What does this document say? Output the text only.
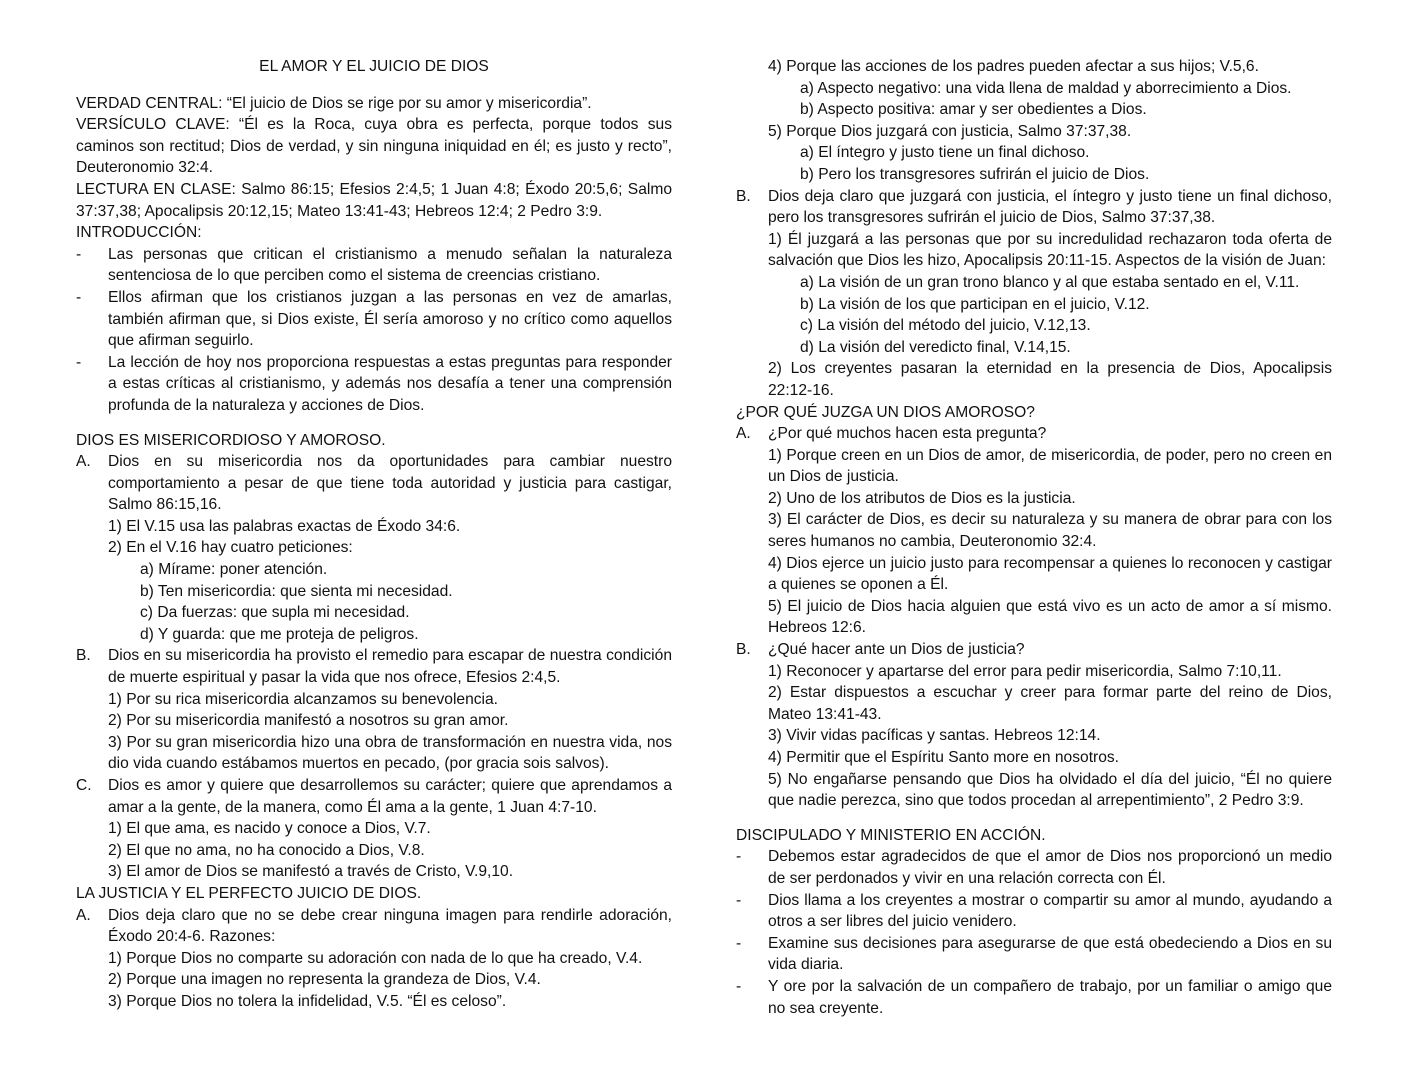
EL AMOR Y EL JUICIO DE DIOS

VERDAD CENTRAL: “El juicio de Dios se rige por su amor y misericordia”.

VERSÍCULO CLAVE: “Él es la Roca, cuya obra es perfecta, porque todos sus caminos son rectitud; Dios de verdad, y sin ninguna iniquidad en él; es justo y recto”, Deuteronomio 32:4.

LECTURA EN CLASE: Salmo 86:15; Efesios 2:4,5; 1 Juan 4:8; Éxodo 20:5,6; Salmo 37:37,38; Apocalipsis 20:12,15; Mateo 13:41-43; Hebreos 12:4; 2 Pedro 3:9.

INTRODUCCIÓN:

- Las personas que critican el cristianismo a menudo señalan la naturaleza sentenciosa de lo que perciben como el sistema de creencias cristiano.
- Ellos afirman que los cristianos juzgan a las personas en vez de amarlas, también afirman que, si Dios existe, Él sería amoroso y no crítico como aquellos que afirman seguirlo.
- La lección de hoy nos proporciona respuestas a estas preguntas para responder a estas críticas al cristianismo, y además nos desafía a tener una comprensión profunda de la naturaleza y acciones de Dios.

DIOS ES MISERICORDIOSO Y AMOROSO.

A. Dios en su misericordia nos da oportunidades para cambiar nuestro comportamiento a pesar de que tiene toda autoridad y justicia para castigar, Salmo 86:15,16.

1) El V.15 usa las palabras exactas de Éxodo 34:6.

2) En el V.16 hay cuatro peticiones:

a) Mírame: poner atención.

b) Ten misericordia: que sienta mi necesidad.

c) Da fuerzas: que supla mi necesidad.

d) Y guarda: que me proteja de peligros.

B. Dios en su misericordia ha provisto el remedio para escapar de nuestra condición de muerte espiritual y pasar la vida que nos ofrece, Efesios 2:4,5.

1) Por su rica misericordia alcanzamos su benevolencia.

2) Por su misericordia manifestó a nosotros su gran amor.

3) Por su gran misericordia hizo una obra de transformación en nuestra vida, nos dio vida cuando estábamos muertos en pecado, (por gracia sois salvos).

C. Dios es amor y quiere que desarrollemos su carácter; quiere que aprendamos a amar a la gente, de la manera, como Él ama a la gente, 1 Juan 4:7-10.

1) El que ama, es nacido y conoce a Dios, V.7.

2) El que no ama, no ha conocido a Dios, V.8.

3) El amor de Dios se manifestó a través de Cristo, V.9,10.

LA JUSTICIA Y EL PERFECTO JUICIO DE DIOS.

A. Dios deja claro que no se debe crear ninguna imagen para rendirle adoración, Éxodo 20:4-6. Razones:

1) Porque Dios no comparte su adoración con nada de lo que ha creado, V.4.

2) Porque una imagen no representa la grandeza de Dios, V.4.

3) Porque Dios no tolera la infidelidad, V.5. “Él es celoso”.

4) Porque las acciones de los padres pueden afectar a sus hijos; V.5,6.

a) Aspecto negativo: una vida llena de maldad y aborrecimiento a Dios.

b) Aspecto positiva: amar y ser obedientes a Dios.

5) Porque Dios juzgará con justicia, Salmo 37:37,38.

a) El íntegro y justo tiene un final dichoso.

b) Pero los transgresores sufrirán el juicio de Dios.

B. Dios deja claro que juzgará con justicia, el íntegro y justo tiene un final dichoso, pero los transgresores sufrirán el juicio de Dios, Salmo 37:37,38.

1) Él juzgará a las personas que por su incredulidad rechazaron toda oferta de salvación que Dios les hizo, Apocalipsis 20:11-15. Aspectos de la visión de Juan:

a) La visión de un gran trono blanco y al que estaba sentado en el, V.11.

b) La visión de los que participan en el juicio, V.12.

c) La visión del método del juicio, V.12,13.

d) La visión del veredicto final, V.14,15.

2) Los creyentes pasaran la eternidad en la presencia de Dios, Apocalipsis 22:12-16.

¿POR QUÉ JUZGA UN DIOS AMOROSO?

A. ¿Por qué muchos hacen esta pregunta?

1) Porque creen en un Dios de amor, de misericordia, de poder, pero no creen en un Dios de justicia.

2) Uno de los atributos de Dios es la justicia.

3) El carácter de Dios, es decir su naturaleza y su manera de obrar para con los seres humanos no cambia, Deuteronomio 32:4.

4) Dios ejerce un juicio justo para recompensar a quienes lo reconocen y castigar a quienes se oponen a Él.

5) El juicio de Dios hacia alguien que está vivo es un acto de amor a sí mismo. Hebreos 12:6.

B. ¿Qué hacer ante un Dios de justicia?

1) Reconocer y apartarse del error para pedir misericordia, Salmo 7:10,11.

2) Estar dispuestos a escuchar y creer para formar parte del reino de Dios, Mateo 13:41-43.

3) Vivir vidas pacíficas y santas. Hebreos 12:14.

4) Permitir que el Espíritu Santo more en nosotros.

5) No engañarse pensando que Dios ha olvidado el día del juicio, “Él no quiere que nadie perezca, sino que todos procedan al arrepentimiento”, 2 Pedro 3:9.

DISCIPULADO Y MINISTERIO EN ACCIÓN.

- Debemos estar agradecidos de que el amor de Dios nos proporcionó un medio de ser perdonados y vivir en una relación correcta con Él.
- Dios llama a los creyentes a mostrar o compartir su amor al mundo, ayudando a otros a ser libres del juicio venidero.
- Examine sus decisiones para asegurarse de que está obedeciendo a Dios en su vida diaria.
- Y ore por la salvación de un compañero de trabajo, por un familiar o amigo que no sea creyente.
